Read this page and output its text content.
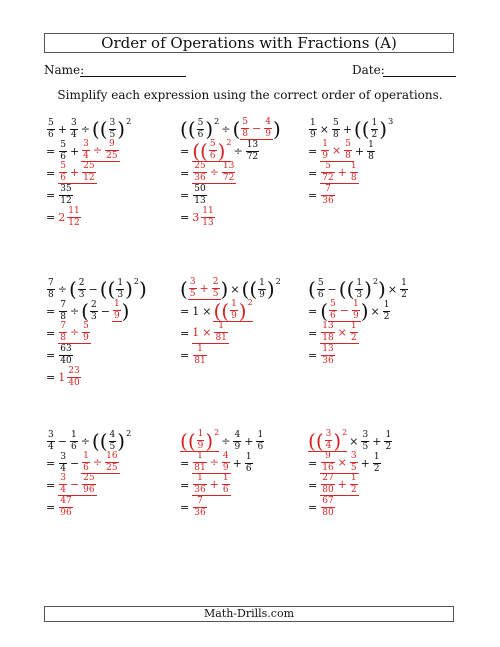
Order of Operations with Fractions (A)
Name:	Date:
Simplify each expression using the correct order of operations.
$\frac{5}{6} + \frac{3}{4}$ ÷ ( ( $\frac{3}{5}$ ) 2
= $\frac{5}{6} + \frac{3}{4} \div \frac{9}{25}$
= $\frac{5}{6} + \frac{25}{12}$
= $\frac{35}{12}$
= $2 \frac{11}{12}$
( ( $\frac{5}{6}$ ) 2
÷ ( $\frac{5}{8} - \frac{4}{9}$ )
= ( ( $\frac{5}{6}$ ) 2
÷ $\frac{13}{72}$
= $\frac{25}{36} \div \frac{13}{72}$
= $\frac{50}{13}$
= $3 \frac{11}{13}$
$\frac{1}{9} \times \frac{5}{8}$ + ( ( $\frac{1}{2}$ ) 3
= $\frac{1}{9} \times \frac{5}{8} + \frac{1}{8}$
= $\frac{5}{72} + \frac{1}{8}$
= $\frac{7}{36}$
$\frac{7}{8}$ ÷ ( $\frac{2}{3}$ − ( ( $\frac{1}{3}$ ) 2 )
= $\frac{7}{8}$ ÷ ( $\frac{2}{3} - \frac{1}{9}$ )
= $\frac{7}{8} \div \frac{5}{9}$
= $\frac{63}{40}$
= $1 \frac{23}{40}$
( $\frac{3}{5} + \frac{2}{5}$ ) × ( ( $\frac{1}{9}$ ) 2
= 1 × ( ( $\frac{1}{9}$ ) 2
= $1 \times \frac{1}{81}$
= $\frac{1}{81}$
( $\frac{5}{6}$ − ( ( $\frac{1}{3}$ ) 2 ) × $\frac{1}{2}$
= ( $\frac{5}{6} - \frac{1}{9}$ ) × $\frac{1}{2}$
= $\frac{13}{18} \times \frac{1}{2}$
= $\frac{13}{36}$
$\frac{3}{4} - \frac{1}{6}$ ÷ ( ( $\frac{4}{5}$ ) 2
= $\frac{3}{4} - \frac{1}{6} \div \frac{16}{25}$
= $\frac{3}{4} - \frac{25}{96}$
= $\frac{47}{96}$
( ( $\frac{1}{9}$ ) 2
÷ $\frac{4}{9} + \frac{1}{6}$
= $\frac{1}{81} \div \frac{4}{9} + \frac{1}{6}$
= $\frac{1}{36} + \frac{1}{6}$
= $\frac{7}{36}$
( ( $\frac{3}{4}$ ) 2
× $\frac{3}{5} + \frac{1}{2}$
= $\frac{9}{16} \times \frac{3}{5} + \frac{1}{2}$
= $\frac{27}{80} + \frac{1}{2}$
= $\frac{67}{80}$
Math-Drills.com
